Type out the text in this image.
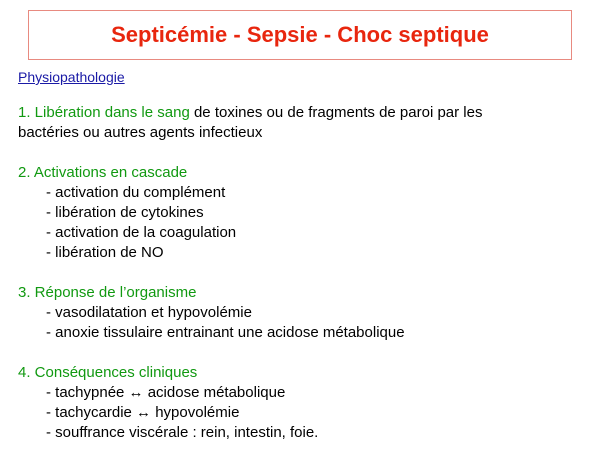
Septicémie - Sepsie - Choc septique
Physiopathologie
1. Libération dans le sang de toxines ou de fragments de paroi par les
bactéries ou autres agents infectieux
2. Activations en cascade
- activation du complément
- libération de cytokines
- activation de la coagulation
- libération de NO
3. Réponse de l’organisme
- vasodilatation et hypovolémie
- anoxie tissulaire entrainant une acidose métabolique
4. Conséquences cliniques
- tachypnée ↔ acidose métabolique
- tachycardie ↔ hypovolémie
- souffrance viscérale : rein, intestin, foie.
